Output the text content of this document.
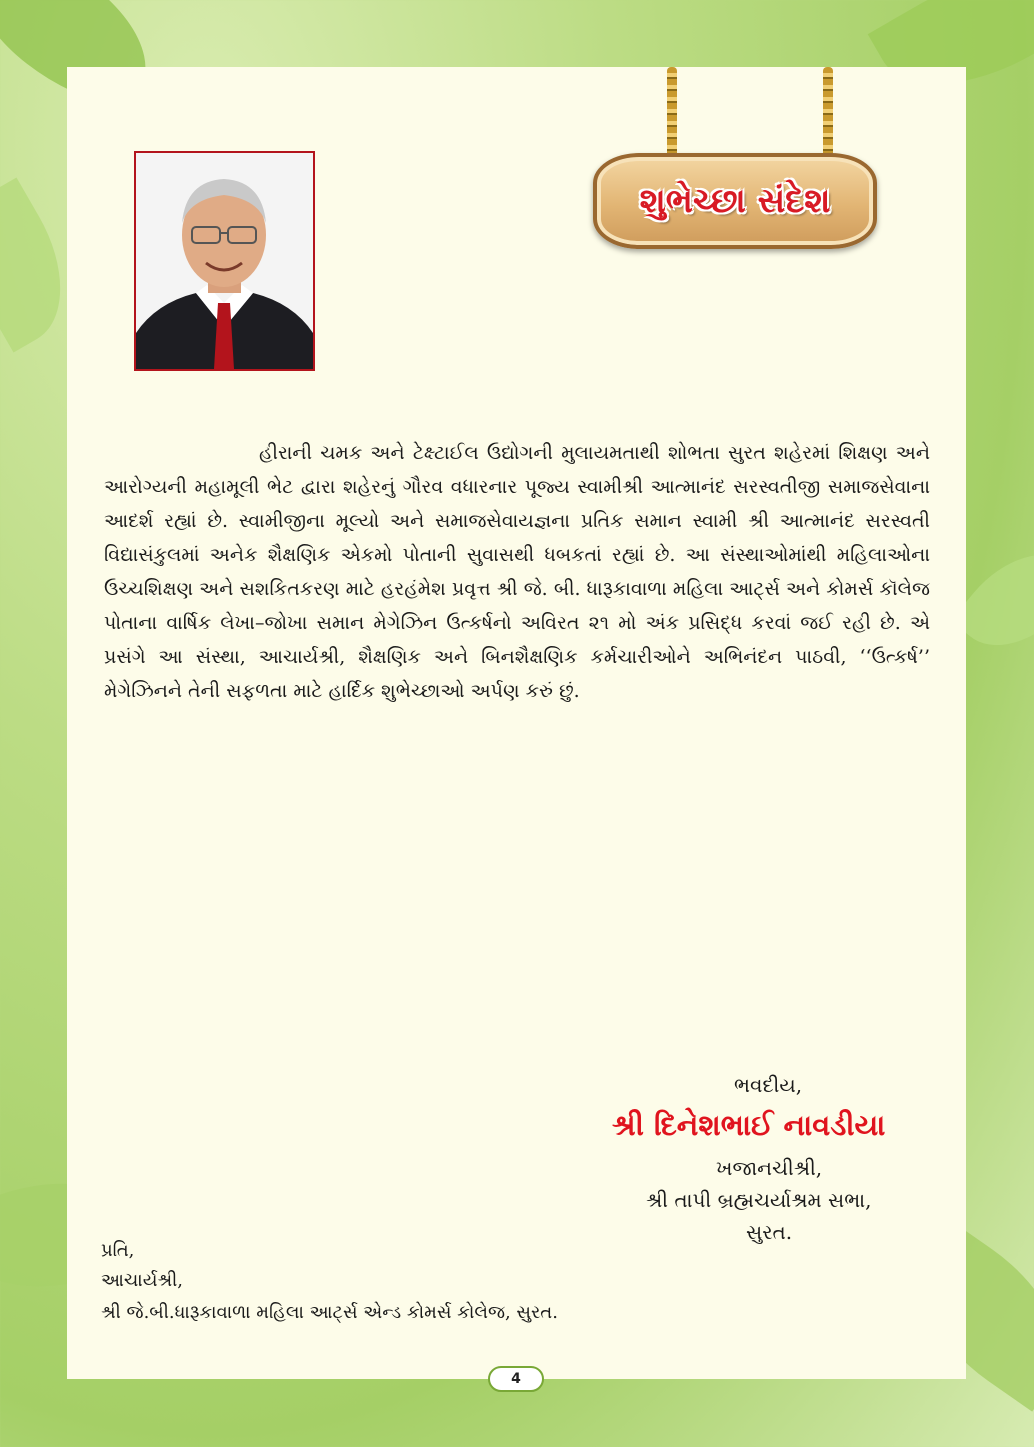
શુભેચ્છા સંદેશ

હીરાની ચમક અને ટેક્ષ્ટાઈલ ઉદ્યોગની મુલાયમતાથી શોભતા સુરત શહેરમાં શિક્ષણ અને આરોગ્યની મહામૂલી ભેટ દ્વારા શહેરનું ગૌરવ વધારનાર પૂજ્ય સ્વામીશ્રી આત્માનંદ સરસ્વતીજી સમાજસેવાના આદર્શ રહ્યાં છે. સ્વામીજીના મૂલ્યો અને સમાજસેવાયજ્ઞના પ્રતિક સમાન સ્વામી શ્રી આત્માનંદ સરસ્વતી વિદ્યાસંકુલમાં અનેક શૈક્ષણિક એકમો પોતાની સુવાસથી ધબકતાં રહ્યાં છે. આ સંસ્થાઓમાંથી મહિલાઓના ઉચ્ચશિક્ષણ અને સશકિતકરણ માટે હરહંમેશ પ્રવૃત્ત શ્રી જે. બી. ધારૂકાવાળા મહિલા આર્ટ્સ અને કોમર્સ કૉલેજ પોતાના વાર્ષિક લેખા–જોખા સમાન મેગેઝિન ઉત્કર્ષનો અવિરત ૨૧ મો અંક પ્રસિદ્ધ કરવાં જઈ રહી છે. એ પ્રસંગે આ સંસ્થા, આચાર્યશ્રી, શૈક્ષણિક અને બિનશૈક્ષણિક કર્મચારીઓને અભિનંદન પાઠવી, ‘‘ઉત્કર્ષ’’ મેગેઝિનને તેની સફળતા માટે હાર્દિક શુભેચ્છાઓ અર્પણ કરું છું.

ભવદીય,
શ્રી દિનેશભાઈ નાવડીયા
ખજાનચીશ્રી,
શ્રી તાપી બ્રહ્મચર્યાશ્રમ સભા,
સુરત.
પ્રતિ,
આચાર્યશ્રી,
શ્રી જે.બી.ધારૂકાવાળા મહિલા આર્ટ્સ એન્ડ કોમર્સ કોલેજ, સુરત.
4
